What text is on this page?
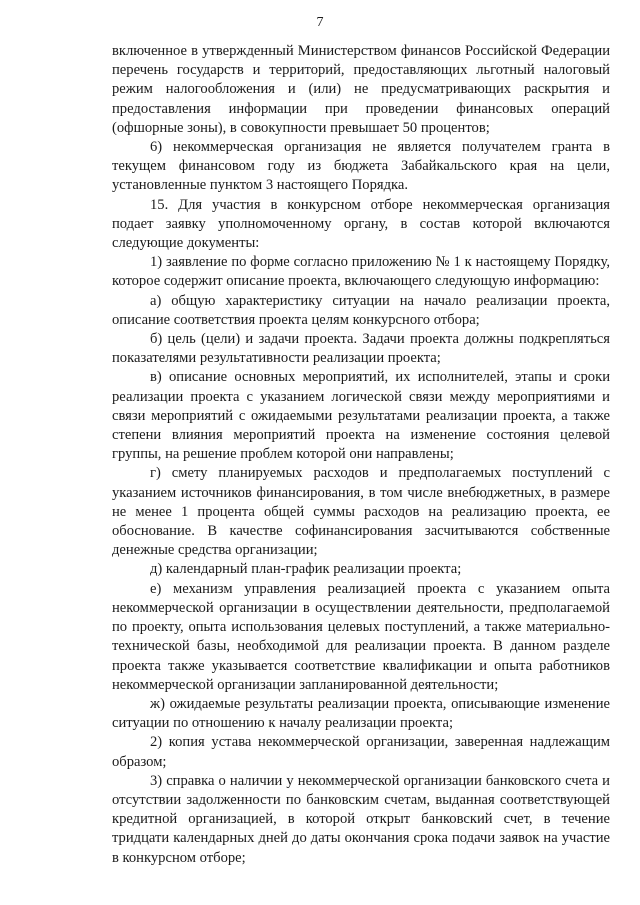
7

включенное в утвержденный Министерством финансов Российской Федерации перечень государств и территорий, предоставляющих льготный налоговый режим налогообложения и (или) не предусматривающих раскрытия и предоставления информации при проведении финансовых операций (офшорные зоны), в совокупности превышает 50 процентов;

6) некоммерческая организация не является получателем гранта в текущем финансовом году из бюджета Забайкальского края на цели, установленные пунктом 3 настоящего Порядка.

15. Для участия в конкурсном отборе некоммерческая организация подает заявку уполномоченному органу, в состав которой включаются следующие документы:

1) заявление по форме согласно приложению № 1 к настоящему Порядку, которое содержит описание проекта, включающего следующую информацию:

а) общую характеристику ситуации на начало реализации проекта, описание соответствия проекта целям конкурсного отбора;

б) цель (цели) и задачи проекта. Задачи проекта должны подкрепляться показателями результативности реализации проекта;

в) описание основных мероприятий, их исполнителей, этапы и сроки реализации проекта с указанием логической связи между мероприятиями и связи мероприятий с ожидаемыми результатами реализации проекта, а также степени влияния мероприятий проекта на изменение состояния целевой группы, на решение проблем которой они направлены;

г) смету планируемых расходов и предполагаемых поступлений с указанием источников финансирования, в том числе внебюджетных, в размере не менее 1 процента общей суммы расходов на реализацию проекта, ее обоснование. В качестве софинансирования засчитываются собственные денежные средства организации;

д) календарный план-график реализации проекта;

е) механизм управления реализацией проекта с указанием опыта некоммерческой организации в осуществлении деятельности, предполагаемой по проекту, опыта использования целевых поступлений, а также материально-технической базы, необходимой для реализации проекта. В данном разделе проекта также указывается соответствие квалификации и опыта работников некоммерческой организации запланированной деятельности;

ж) ожидаемые результаты реализации проекта, описывающие изменение ситуации по отношению к началу реализации проекта;

2) копия устава некоммерческой организации, заверенная надлежащим образом;

3) справка о наличии у некоммерческой организации банковского счета и отсутствии задолженности по банковским счетам, выданная соответствующей кредитной организацией, в которой открыт банковский счет, в течение тридцати календарных дней до даты окончания срока подачи заявок на участие в конкурсном отборе;
